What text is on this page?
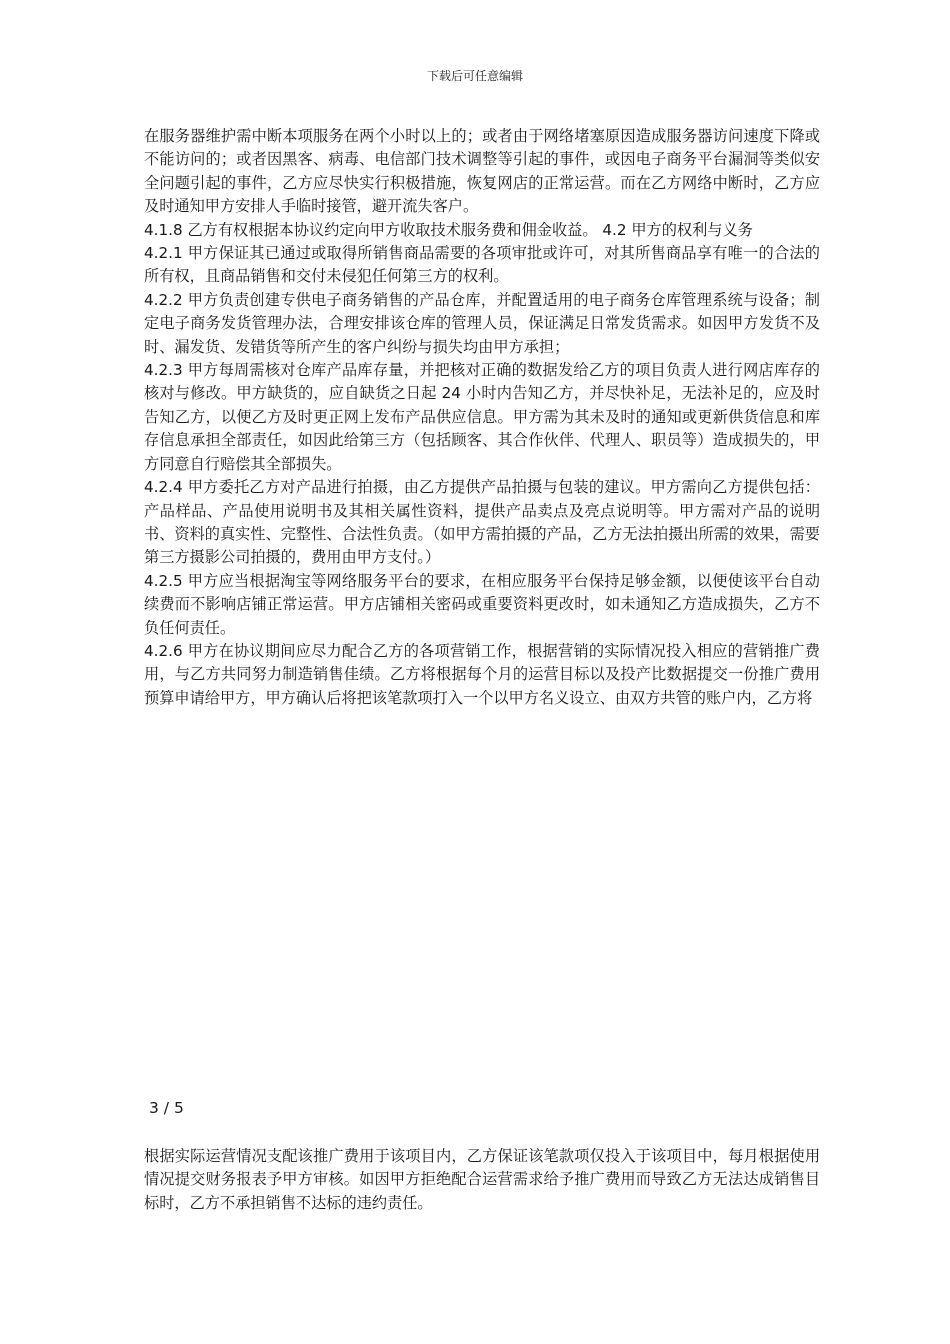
下载后可任意编辑

在服务器维护需中断本项服务在两个小时以上的；或者由于网络堵塞原因造成服务器访问速度下降或不能访问的；或者因黑客、病毒、电信部门技术调整等引起的事件，或因电子商务平台漏洞等类似安全问题引起的事件，乙方应尽快实行积极措施，恢复网店的正常运营。而在乙方网络中断时，乙方应及时通知甲方安排人手临时接管，避开流失客户。

4.1.8 乙方有权根据本协议约定向甲方收取技术服务费和佣金收益。 4.2 甲方的权利与义务

4.2.1 甲方保证其已通过或取得所销售商品需要的各项审批或许可，对其所售商品享有唯一的合法的所有权，且商品销售和交付未侵犯任何第三方的权利。

4.2.2 甲方负责创建专供电子商务销售的产品仓库，并配置适用的电子商务仓库管理系统与设备；制定电子商务发货管理办法，合理安排该仓库的管理人员，保证满足日常发货需求。如因甲方发货不及时、漏发货、发错货等所产生的客户纠纷与损失均由甲方承担；

4.2.3 甲方每周需核对仓库产品库存量，并把核对正确的数据发给乙方的项目负责人进行网店库存的核对与修改。甲方缺货的，应自缺货之日起 24 小时内告知乙方，并尽快补足，无法补足的，应及时告知乙方，以便乙方及时更正网上发布产品供应信息。甲方需为其未及时的通知或更新供货信息和库存信息承担全部责任，如因此给第三方（包括顾客、其合作伙伴、代理人、职员等）造成损失的，甲方同意自行赔偿其全部损失。

4.2.4 甲方委托乙方对产品进行拍摄，由乙方提供产品拍摄与包装的建议。甲方需向乙方提供包括：产品样品、产品使用说明书及其相关属性资料，提供产品卖点及亮点说明等。甲方需对产品的说明书、资料的真实性、完整性、合法性负责。（如甲方需拍摄的产品，乙方无法拍摄出所需的效果，需要第三方摄影公司拍摄的，费用由甲方支付。）

4.2.5 甲方应当根据淘宝等网络服务平台的要求，在相应服务平台保持足够金额，以便使该平台自动续费而不影响店铺正常运营。甲方店铺相关密码或重要资料更改时，如未通知乙方造成损失，乙方不负任何责任。

4.2.6 甲方在协议期间应尽力配合乙方的各项营销工作，根据营销的实际情况投入相应的营销推广费用，与乙方共同努力制造销售佳绩。乙方将根据每个月的运营目标以及投产比数据提交一份推广费用预算申请给甲方，甲方确认后将把该笔款项打入一个以甲方名义设立、由双方共管的账户内，乙方将

3 / 5

根据实际运营情况支配该推广费用于该项目内，乙方保证该笔款项仅投入于该项目中，每月根据使用情况提交财务报表予甲方审核。如因甲方拒绝配合运营需求给予推广费用而导致乙方无法达成销售目标时，乙方不承担销售不达标的违约责任。
